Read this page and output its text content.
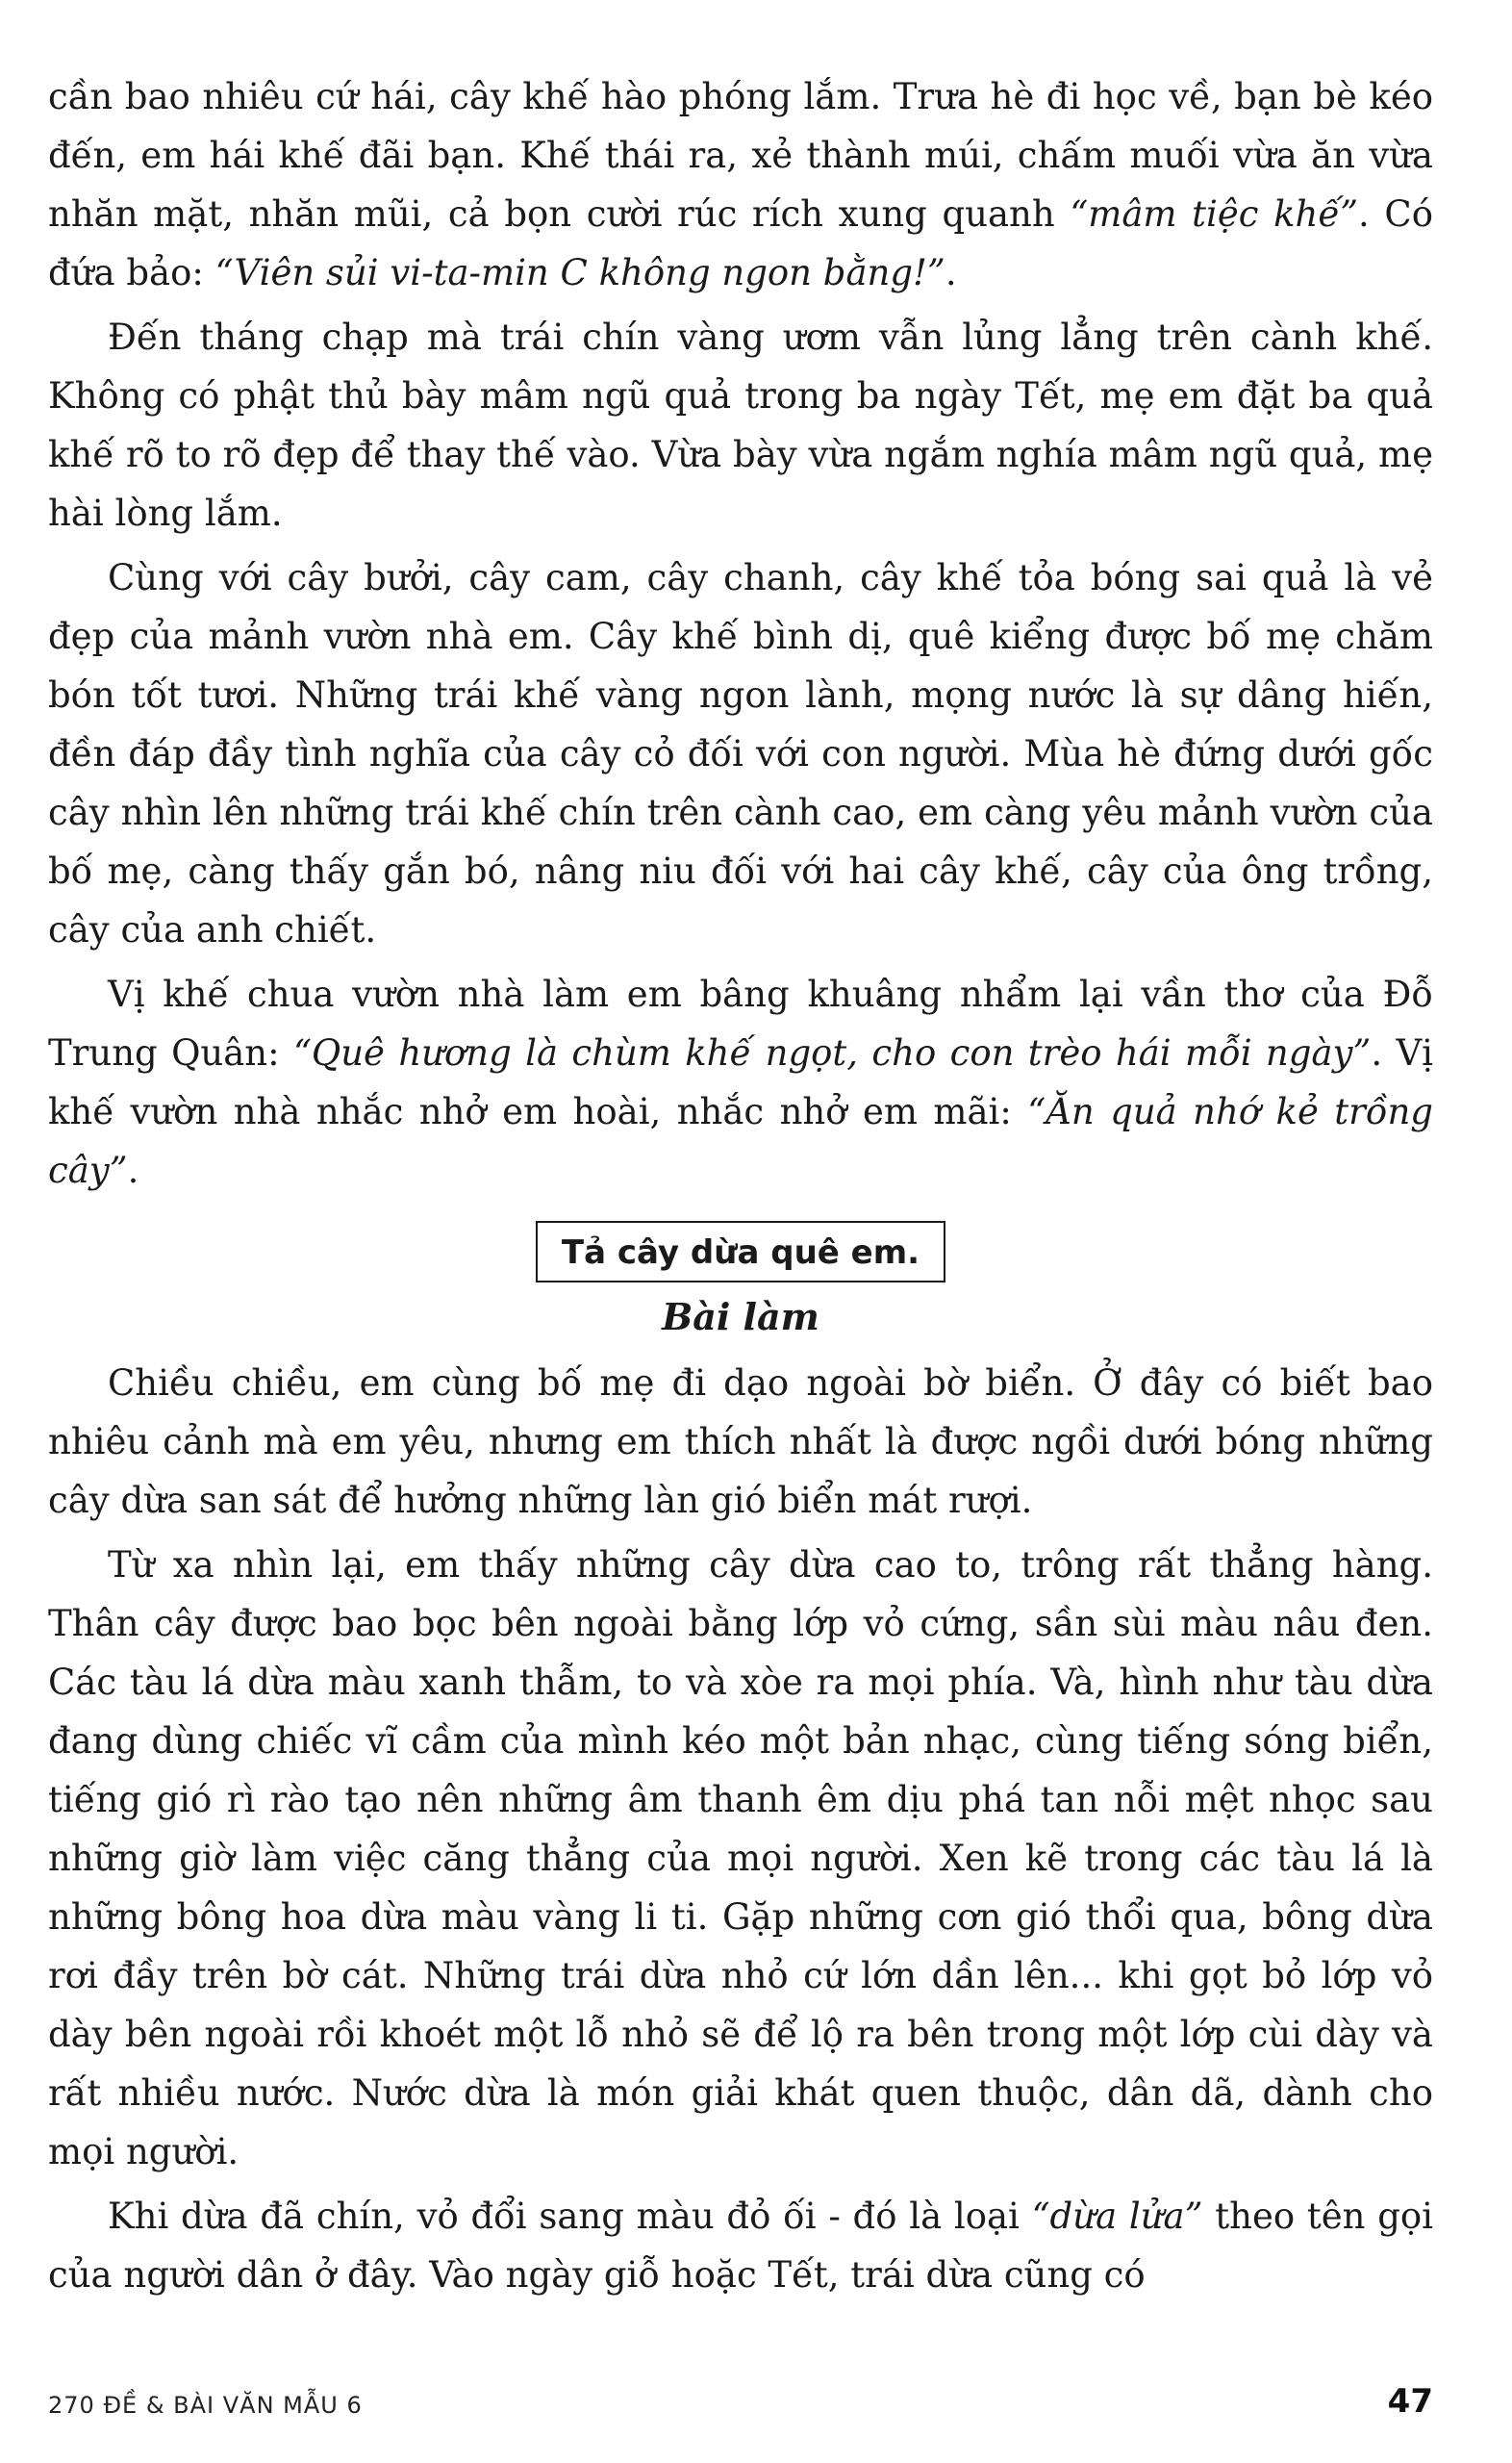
cần bao nhiêu cứ hái, cây khế hào phóng lắm. Trưa hè đi học về, bạn bè kéo đến, em hái khế đãi bạn. Khế thái ra, xẻ thành múi, chấm muối vừa ăn vừa nhăn mặt, nhăn mũi, cả bọn cười rúc rích xung quanh “mâm tiệc khế”. Có đứa bảo: “Viên sủi vi-ta-min C không ngon bằng!”.

Đến tháng chạp mà trái chín vàng ươm vẫn lủng lẳng trên cành khế. Không có phật thủ bày mâm ngũ quả trong ba ngày Tết, mẹ em đặt ba quả khế rõ to rõ đẹp để thay thế vào. Vừa bày vừa ngắm nghía mâm ngũ quả, mẹ hài lòng lắm.

Cùng với cây bưởi, cây cam, cây chanh, cây khế tỏa bóng sai quả là vẻ đẹp của mảnh vườn nhà em. Cây khế bình dị, quê kiểng được bố mẹ chăm bón tốt tươi. Những trái khế vàng ngon lành, mọng nước là sự dâng hiến, đền đáp đầy tình nghĩa của cây cỏ đối với con người. Mùa hè đứng dưới gốc cây nhìn lên những trái khế chín trên cành cao, em càng yêu mảnh vườn của bố mẹ, càng thấy gắn bó, nâng niu đối với hai cây khế, cây của ông trồng, cây của anh chiết.

Vị khế chua vườn nhà làm em bâng khuâng nhẩm lại vần thơ của Đỗ Trung Quân: “Quê hương là chùm khế ngọt, cho con trèo hái mỗi ngày”. Vị khế vườn nhà nhắc nhở em hoài, nhắc nhở em mãi: “Ăn quả nhớ kẻ trồng cây”.

Tả cây dừa quê em.
Bài làm

Chiều chiều, em cùng bố mẹ đi dạo ngoài bờ biển. Ở đây có biết bao nhiêu cảnh mà em yêu, nhưng em thích nhất là được ngồi dưới bóng những cây dừa san sát để hưởng những làn gió biển mát rượi.

Từ xa nhìn lại, em thấy những cây dừa cao to, trông rất thẳng hàng. Thân cây được bao bọc bên ngoài bằng lớp vỏ cứng, sần sùi màu nâu đen. Các tàu lá dừa màu xanh thẫm, to và xòe ra mọi phía. Và, hình như tàu dừa đang dùng chiếc vĩ cầm của mình kéo một bản nhạc, cùng tiếng sóng biển, tiếng gió rì rào tạo nên những âm thanh êm dịu phá tan nỗi mệt nhọc sau những giờ làm việc căng thẳng của mọi người. Xen kẽ trong các tàu lá là những bông hoa dừa màu vàng li ti. Gặp những cơn gió thổi qua, bông dừa rơi đầy trên bờ cát. Những trái dừa nhỏ cứ lớn dần lên... khi gọt bỏ lớp vỏ dày bên ngoài rồi khoét một lỗ nhỏ sẽ để lộ ra bên trong một lớp cùi dày và rất nhiều nước. Nước dừa là món giải khát quen thuộc, dân dã, dành cho mọi người.

Khi dừa đã chín, vỏ đổi sang màu đỏ ối - đó là loại “dừa lửa” theo tên gọi của người dân ở đây. Vào ngày giỗ hoặc Tết, trái dừa cũng có

270 ĐỀ & BÀI VĂN MẪU 6	47
